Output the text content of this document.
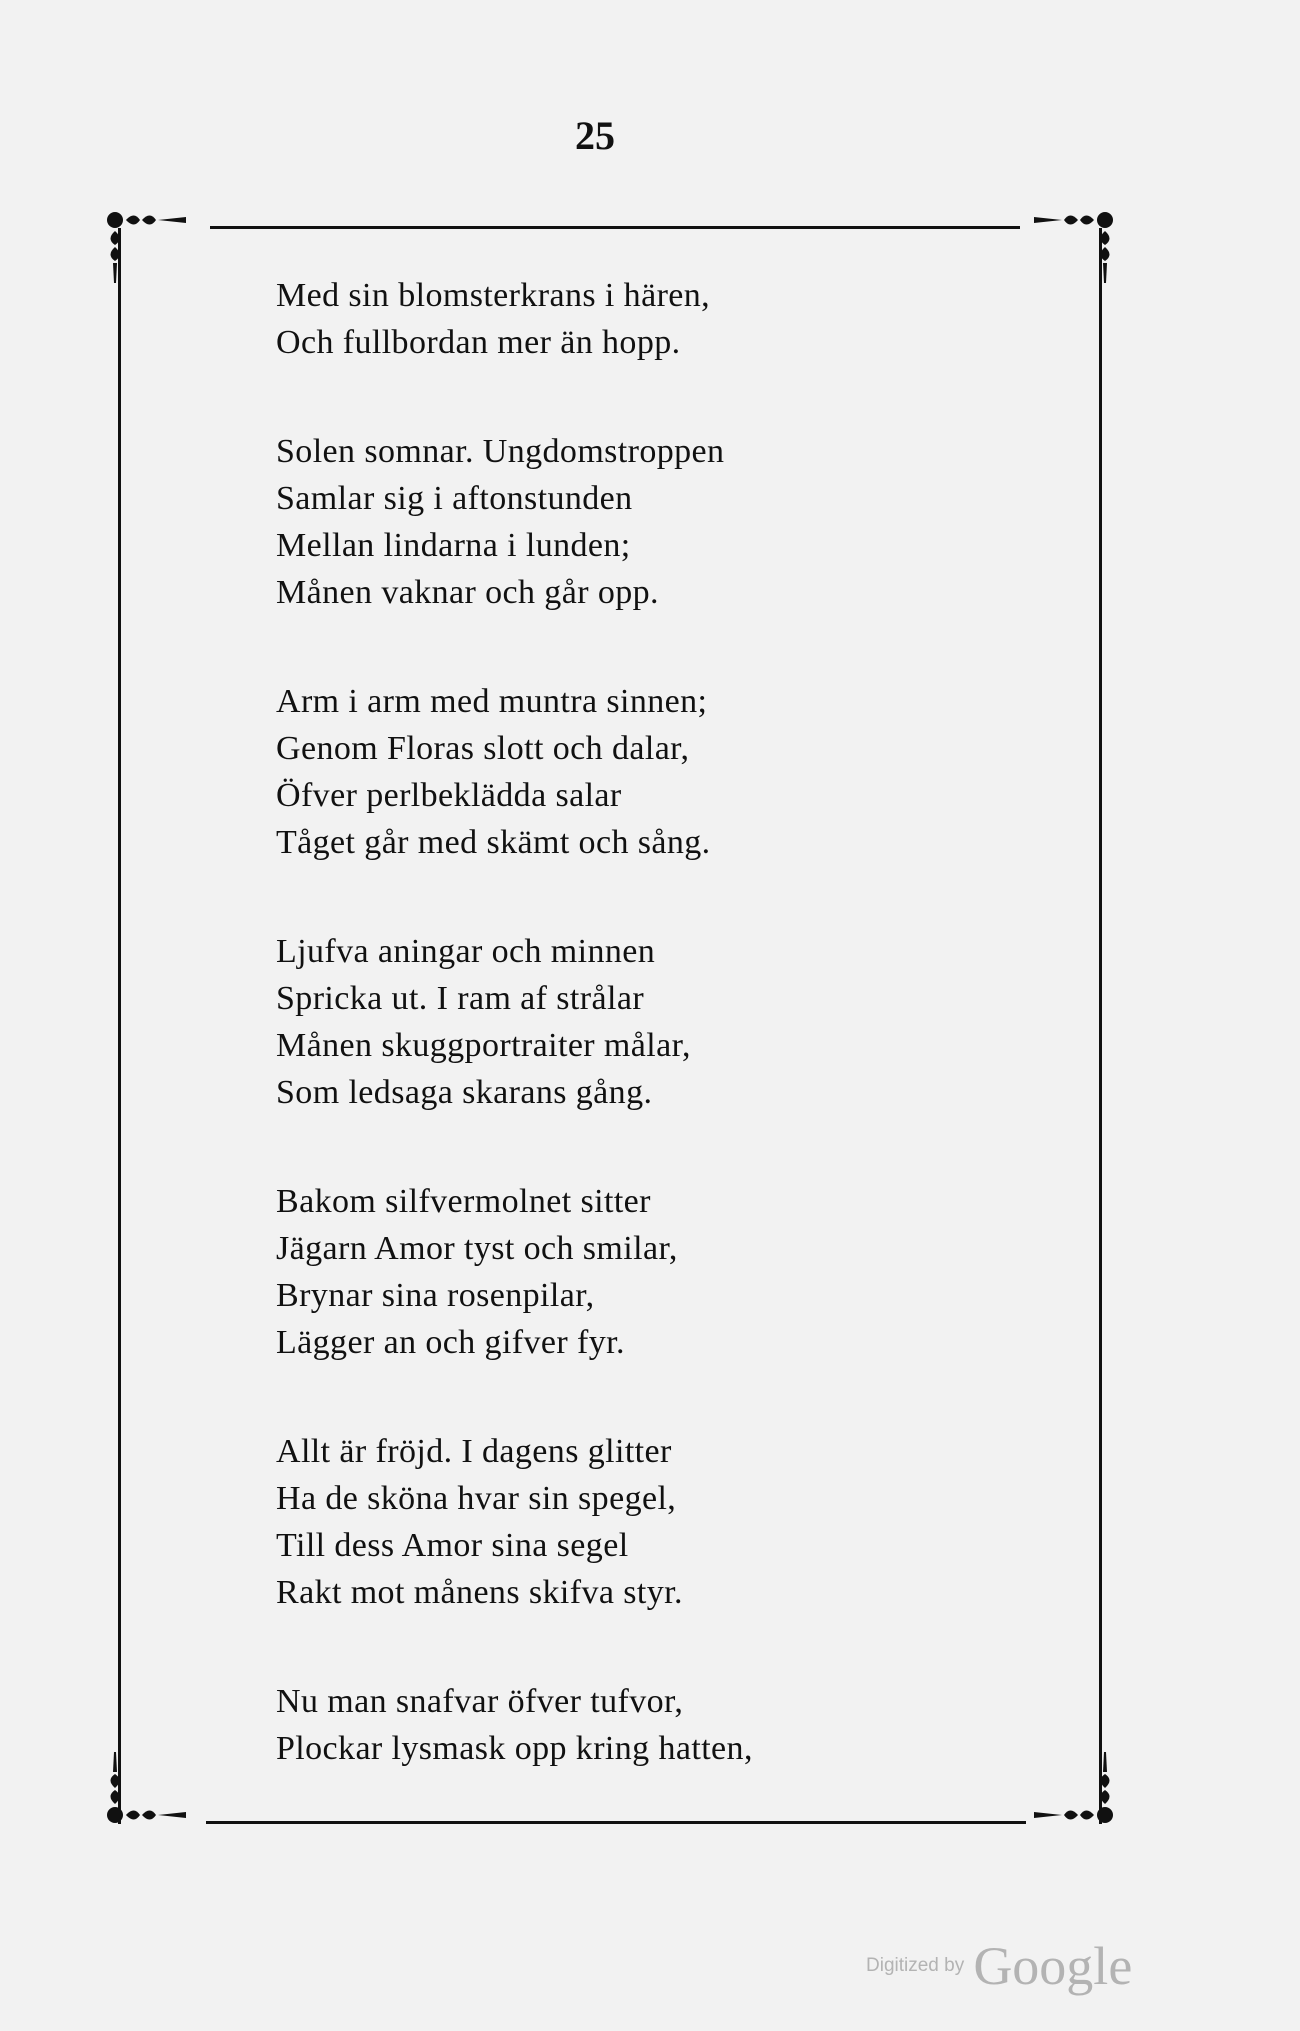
25
Med sin blomsterkrans i hären,
Och fullbordan mer än hopp.
Solen somnar. Ungdomstroppen
Samlar sig i aftonstunden
Mellan lindarna i lunden;
Månen vaknar och går opp.
Arm i arm med muntra sinnen;
Genom Floras slott och dalar,
Öfver perlbeklädda salar
Tåget går med skämt och sång.
Ljufva aningar och minnen
Spricka ut. I ram af strålar
Månen skuggportraiter målar,
Som ledsaga skarans gång.
Bakom silfvermolnet sitter
Jägarn Amor tyst och smilar,
Brynar sina rosenpilar,
Lägger an och gifver fyr.
Allt är fröjd. I dagens glitter
Ha de sköna hvar sin spegel,
Till dess Amor sina segel
Rakt mot månens skifva styr.
Nu man snafvar öfver tufvor,
Plockar lysmask opp kring hatten,
Digitized by Google
